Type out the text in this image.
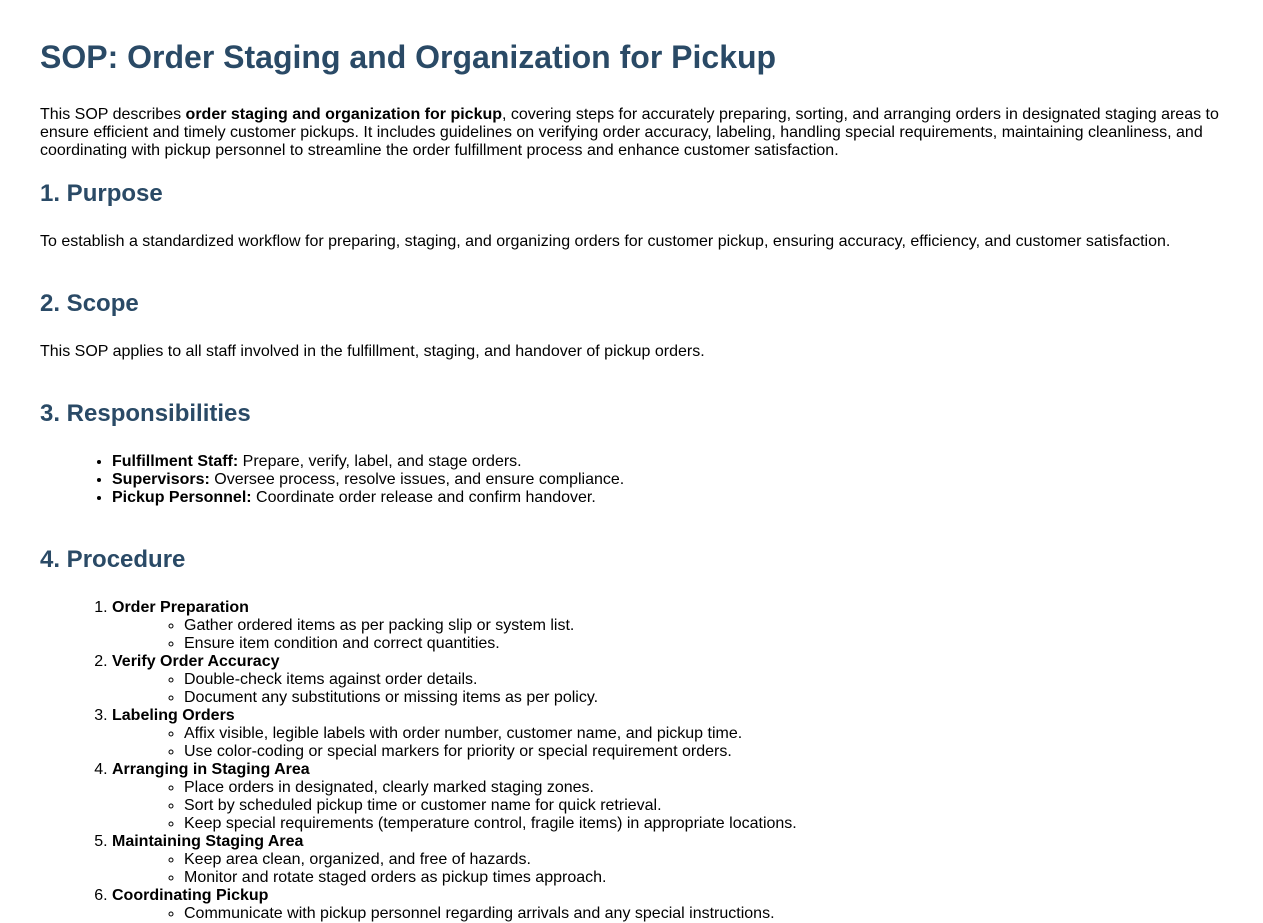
SOP: Order Staging and Organization for Pickup

This SOP describes order staging and organization for pickup, covering steps for accurately preparing, sorting, and arranging orders in designated staging areas to ensure efficient and timely customer pickups. It includes guidelines on verifying order accuracy, labeling, handling special requirements, maintaining cleanliness, and coordinating with pickup personnel to streamline the order fulfillment process and enhance customer satisfaction.

1. Purpose

To establish a standardized workflow for preparing, staging, and organizing orders for customer pickup, ensuring accuracy, efficiency, and customer satisfaction.

2. Scope

This SOP applies to all staff involved in the fulfillment, staging, and handover of pickup orders.

3. Responsibilities
• Fulfillment Staff: Prepare, verify, label, and stage orders.
• Supervisors: Oversee process, resolve issues, and ensure compliance.
• Pickup Personnel: Coordinate order release and confirm handover.
4. Procedure
1. Order Preparation
◦ Gather ordered items as per packing slip or system list.
◦ Ensure item condition and correct quantities.
2. Verify Order Accuracy
◦ Double-check items against order details.
◦ Document any substitutions or missing items as per policy.
3. Labeling Orders
◦ Affix visible, legible labels with order number, customer name, and pickup time.
◦ Use color-coding or special markers for priority or special requirement orders.
4. Arranging in Staging Area
◦ Place orders in designated, clearly marked staging zones.
◦ Sort by scheduled pickup time or customer name for quick retrieval.
◦ Keep special requirements (temperature control, fragile items) in appropriate locations.
5. Maintaining Staging Area
◦ Keep area clean, organized, and free of hazards.
◦ Monitor and rotate staged orders as pickup times approach.
6. Coordinating Pickup
◦ Communicate with pickup personnel regarding arrivals and any special instructions.
